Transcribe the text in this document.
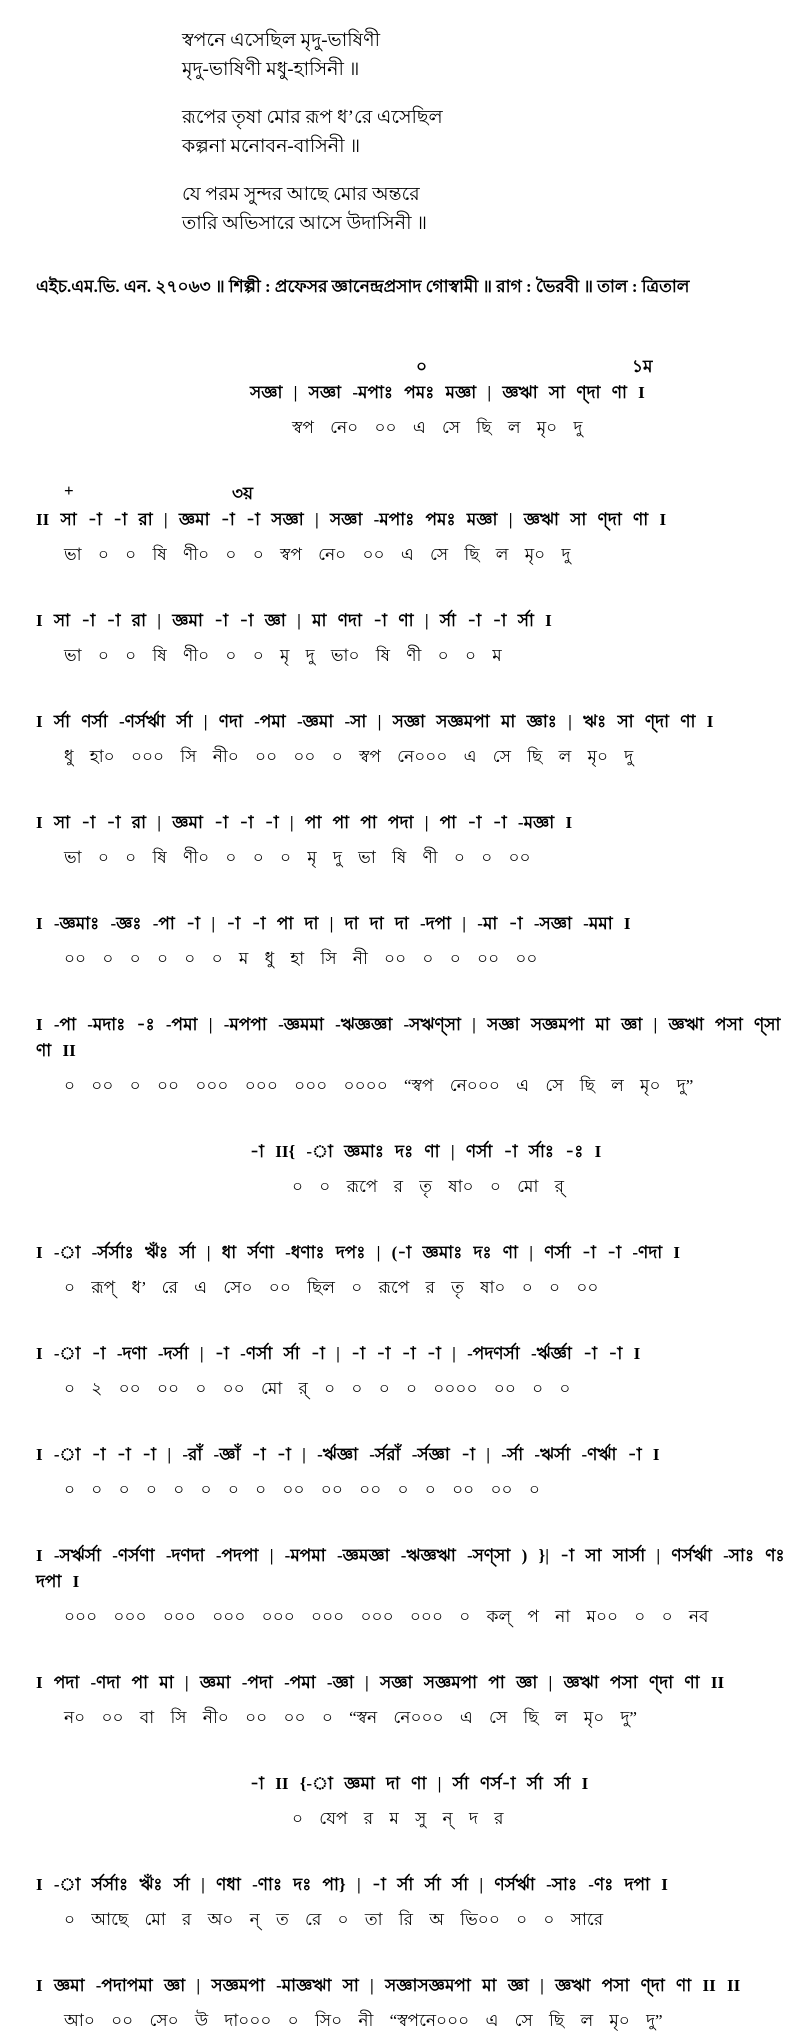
স্বপনে এসেছিল মৃদু-ভাষিণী
মৃদু-ভাষিণী মধু-হাসিনী ॥
রূপের তৃষা মোর রূপ ধ’রে এসেছিল
কল্পনা মনোবন-বাসিনী ॥
যে পরম সুন্দর আছে মোর অন্তরে
তারি অভিসারে আসে উদাসিনী ॥
এইচ.এম.ভি. এন. ২৭০৬৩ ॥ শিল্পী : প্রফেসর জ্ঞানেন্দ্রপ্রসাদ গোস্বামী ॥ রাগ : ভৈরবী ॥ তাল : ত্রিতাল
০	১ম
সজ্ঞা | সজ্ঞা -মপাঃ পমঃ মজ্ঞা | জ্ঞঋা সা ণ্দা ণা I
স্বপ নে০ ০০ এ সে ছি ল মৃ০ দু
+	৩য়
II সা -া -া রা | জ্ঞমা -া -া সজ্ঞা | সজ্ঞা -মপাঃ পমঃ মজ্ঞা | জ্ঞঋা সা ণ্দা ণা I
ভা ০ ০ ষি ণী০ ০ ০ স্বপ নে০ ০০ এ সে ছি ল মৃ০ দু
I সা -া -া রা | জ্ঞমা -া -া জ্ঞা | মা ণদা -া ণা | র্সা -া -া র্সা I
ভা ০ ০ ষি ণী০ ০ ০ মৃ দু ভা০ ষি ণী ০ ০ ম
I র্সা ণর্সা -ণর্সর্ঋা র্সা | ণদা -পমা -জ্ঞমা -সা | সজ্ঞা সজ্ঞমপা মা জ্ঞাঃ | ঋঃ সা ণ্দা ণা I
ধু হা০ ০০০ সি নী০ ০০ ০০ ০ স্বপ নে০০০ এ সে ছি ল মৃ০ দু
I সা -া -া রা | জ্ঞমা -া -া -া | পা পা পা পদা | পা -া -া -মজ্ঞা I
ভা ০ ০ ষি ণী০ ০ ০ ০ মৃ দু ভা ষি ণী ০ ০ ০০
I -জ্ঞমাঃ -জ্ঞঃ -পা -া | -া -া পা দা | দা দা দা -দপা | -মা -া -সজ্ঞা -মমা I
০০ ০ ০ ০ ০ ০ ম ধু হা সি নী ০০ ০ ০ ০০ ০০
I -পা -মদাঃ -ঃ -পমা | -মপপা -জ্ঞমমা -ঋজ্ঞজ্ঞা -সঋণ্সা | সজ্ঞা সজ্ঞমপা মা জ্ঞা | জ্ঞঋা পসা ণ্সা ণা II
০ ০০ ০ ০০ ০০০ ০০০ ০০০ ০০০০ “স্বপ নে০০০ এ সে ছি ল মৃ০ দু”
-া II{ -া জ্ঞমাঃ দঃ ণা | ণর্সা -া র্সাঃ -ঃ I
০ ০ রূপে র তৃ ষা০ ০ মো র্
I -া -র্সর্সাঃ ঋঁঃ র্সা | ধা র্সণা -ধণাঃ দপঃ | (-া জ্ঞমাঃ দঃ ণা | ণর্সা -া -া -ণদা I
০ রূপ্ ধ’ রে এ সে০ ০০ ছিল ০ রূপে র তৃ ষা০ ০ ০ ০০
I -া -া -দণা -দর্সা | -া -ণর্সা র্সা -া | -া -া -া -া | -পদণর্সা -র্ঋর্জ্ঞা -া -া I
০ ২ ০০ ০০ ০ ০০ মো র্ ০ ০ ০ ০ ০০০০ ০০ ০ ০
I -া -া -া -া | -রাঁ -জ্ঞাঁ -া -া | -র্ঋজ্ঞা -র্সরাঁ -র্সজ্ঞা -া | -র্সা -ঋর্সা -ণর্ঋা -া I
০ ০ ০ ০ ০ ০ ০ ০ ০০ ০০ ০০ ০ ০ ০০ ০০ ০
I -সর্ঋর্সা -ণর্সণা -দণদা -পদপা | -মপমা -জ্ঞমজ্ঞা -ঋজ্ঞঋা -সণ্সা ) }| -া সা সার্সা | ণর্সর্ঋা -সাঃ ণঃ দপা I
০০০ ০০০ ০০০ ০০০ ০০০ ০০০ ০০০ ০০০ ০ কল্ প না ম০০ ০ ০ নব
I পদা -ণদা পা মা | জ্ঞমা -পদা -পমা -জ্ঞা | সজ্ঞা সজ্ঞমপা পা জ্ঞা | জ্ঞঋা পসা ণ্দা ণা II
ন০ ০০ বা সি নী০ ০০ ০০ ০ “স্বন নে০০০ এ সে ছি ল মৃ০ দু”
-া II {-া জ্ঞমা দা ণা | র্সা ণর্স-া র্সা র্সা I
০ যেপ র ম সু ন্ দ র
I -া র্সর্সাঃ ঋঁঃ র্সা | ণধা -ণাঃ দঃ পা} | -া র্সা র্সা র্সা | ণর্সর্ঋা -সাঃ -ণঃ দপা I
০ আছে মো র অ০ ন্ ত রে ০ তা রি অ ভি০০ ০ ০ সারে
I জ্ঞমা -পদাপমা জ্ঞা | সজ্ঞমপা -মাজ্ঞঋা সা | সজ্ঞাসজ্ঞমপা মা জ্ঞা | জ্ঞঋা পসা ণ্দা ণা II II
আ০ ০০ সে০ উ দা০০০ ০ সি০ নী “স্বপনে০০০ এ সে ছি ল মৃ০ দু”
